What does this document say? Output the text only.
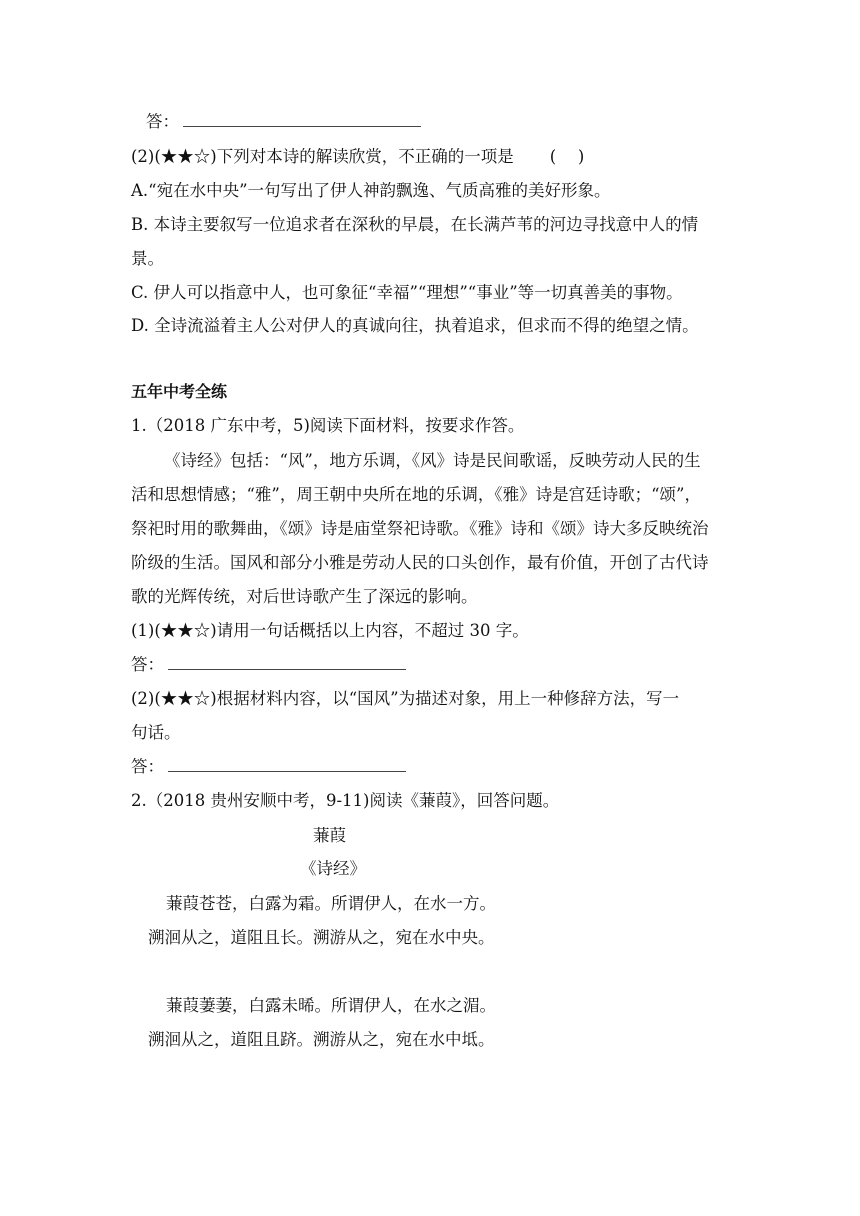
答：
(2)(★★☆)下列对本诗的解读欣赏，不正确的一项是 (　 )
A.“宛在水中央”一句写出了伊人神韵飘逸、气质高雅的美好形象。
B. 本诗主要叙写一位追求者在深秋的早晨，在长满芦苇的河边寻找意中人的情
景。
C. 伊人可以指意中人，也可象征“幸福”“理想”“事业”等一切真善美的事物。
D. 全诗流溢着主人公对伊人的真诚向往，执着追求，但求而不得的绝望之情。
五年中考全练
1.（2018 广东中考，5)阅读下面材料，按要求作答。
《诗经》包括：“风”，地方乐调，《风》诗是民间歌谣，反映劳动人民的生
活和思想情感；“雅”，周王朝中央所在地的乐调，《雅》诗是宫廷诗歌；“颂”，
祭祀时用的歌舞曲，《颂》诗是庙堂祭祀诗歌。《雅》诗和《颂》诗大多反映统治
阶级的生活。国风和部分小雅是劳动人民的口头创作，最有价值，开创了古代诗
歌的光辉传统，对后世诗歌产生了深远的影响。
(1)(★★☆)请用一句话概括以上内容，不超过 30 字。
答：
(2)(★★☆)根据材料内容，以“国风”为描述对象，用上一种修辞方法，写一
句话。
答：
2.（2018 贵州安顺中考，9-11)阅读《蒹葭》，回答问题。
蒹葭
《诗经》
蒹葭苍苍，白露为霜。所谓伊人，在水一方。
溯洄从之，道阻且长。溯游从之，宛在水中央。
蒹葭萋萋，白露未晞。所谓伊人，在水之湄。
溯洄从之，道阻且跻。溯游从之，宛在水中坻。
